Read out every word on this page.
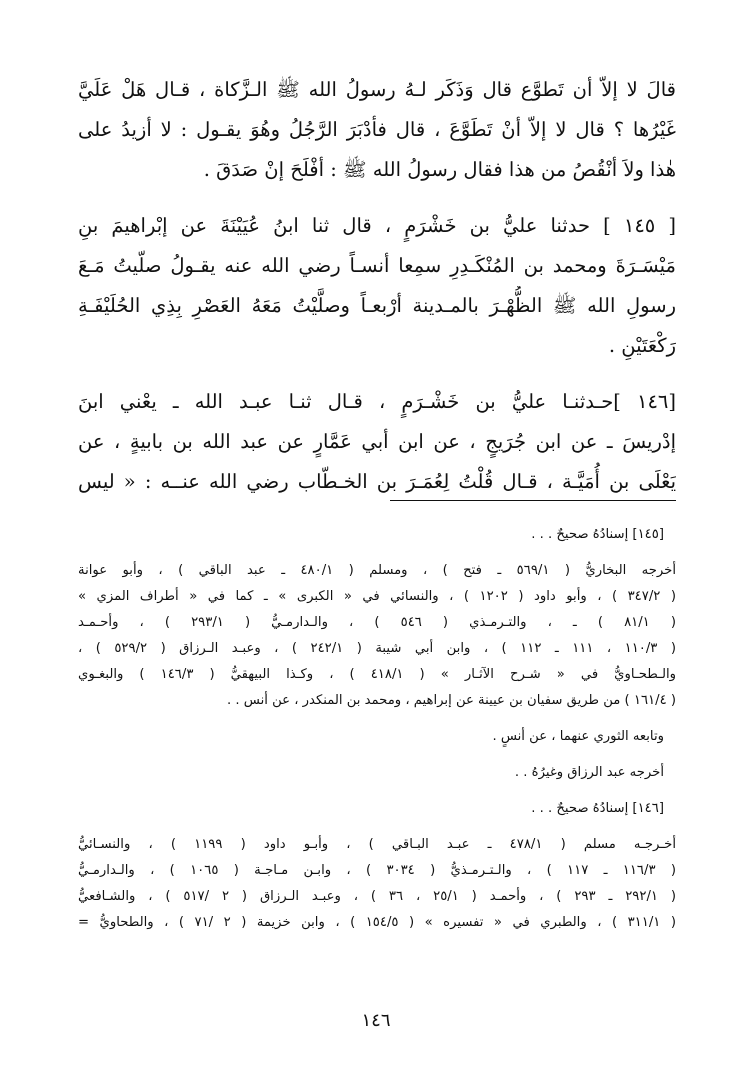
قالَ لا إلاّ أن تَطوَّع قال وَذَكَر لـهُ رسولُ الله ﷺ الـزَّكاة ، قـال هَلْ عَلَيَّ
غَيْرُها ؟ قال لا إلاّ أنْ تَطَوَّعَ ، قال فأدْبَرَ الرَّجُلُ وهُوَ يقـول : لا أزيدُ على
هٰذا ولاَ أنْقُصُ من هذا فقال رسولُ الله ﷺ : أفْلَحَ إنْ صَدَقَ .
[ ١٤٥ ] حدثنا عليُّ بن خَشْرَمٍ ، قال ثنا ابنُ عُيَيْنَةَ عن إبْراهيمَ بنِ
مَيْسَـرَةَ ومحمد بن المُنْكَـدِرِ سمِعا أنسـاً رضي الله عنه يقـولُ صلّيتُ مَـعَ
رسولِ الله ﷺ الظُّهْـرَ بالمـدينة أرْبعـاً وصلَّيْتُ مَعَهُ العَصْرِ بِذِي الحُلَيْفَـةِ
رَكْعَتَيْنِ .
[١٤٦ ]حـدثنـا عليُّ بن خَشْـرَمٍ ، قـال ثنـا عبـد الله ـ يعْني ابنَ
إدْريسَ ـ عن ابن جُرَيجٍ ، عن ابن أبي عَمَّارٍ عن عبد الله بن بابيةٍ ، عن
يَعْلَى بن أُمَيَّـة ، قـال قُلْتُ لِعُمَـرَ بن الخـطّاب رضي الله عنــه : « ليس
[١٤٥] إسنادُهُ صحيحٌ . . .
أخرجه البخاريُّ ( ٥٦٩/١ ـ فتح ) ، ومسلم ( ٤٨٠/١ ـ عبد الباقي ) ، وأبو عوانة
( ٣٤٧/٢ ) ، وأبو داود ( ١٢٠٢ ) ، والنسائي في « الكبرى » ـ كما في « أطراف المزي »
( ٨١/١ ) ـ ، والتـرمـذي ( ٥٤٦ ) ، والـدارمـيُّ ( ٢٩٣/١ ) ، وأحـمـد
( ١١٠/٣ ، ١١١ ـ ١١٢ ) ، وابن أبي شيبة ( ٢٤٢/١ ) ، وعبـد الـرزاق ( ٥٢٩/٢ ) ،
والـطحـاويُّ في « شـرح الآثـار » ( ٤١٨/١ ) ، وكـذا البيهقيُّ ( ١٤٦/٣ ) والبغـوي
( ١٦١/٤ ) من طريق سفيان بن عيينة عن إبراهيم ، ومحمد بن المنكدر ، عن أنس . .
وتابعه الثوري عنهما ، عن أنسٍ .
أخرجه عبد الرزاق وغيرُهُ . .
[١٤٦] إسنادُهُ صحيحٌ . . .
أخـرجـه مسلم ( ٤٧٨/١ ـ عبـد البـاقي ) ، وأبـو داود ( ١١٩٩ ) ، والنسـائيُّ
( ١١٦/٣ ـ ١١٧ ) ، والـتـرمـذيُّ ( ٣٠٣٤ ) ، وابـن مـاجـة ( ١٠٦٥ ) ، والـدارمـيُّ
( ٢٩٢/١ ـ ٢٩٣ ) ، وأحمـد ( ٢٥/١ ، ٣٦ ) ، وعبـد الـرزاق ( ٢ /٥١٧ ) ، والشـافعيُّ
( ٣١١/١ ) ، والطبري في « تفسيره » ( ١٥٤/٥ ) ، وابن خزيمة ( ٢ /٧١ ) ، والطحاويُّ =
١٤٦
